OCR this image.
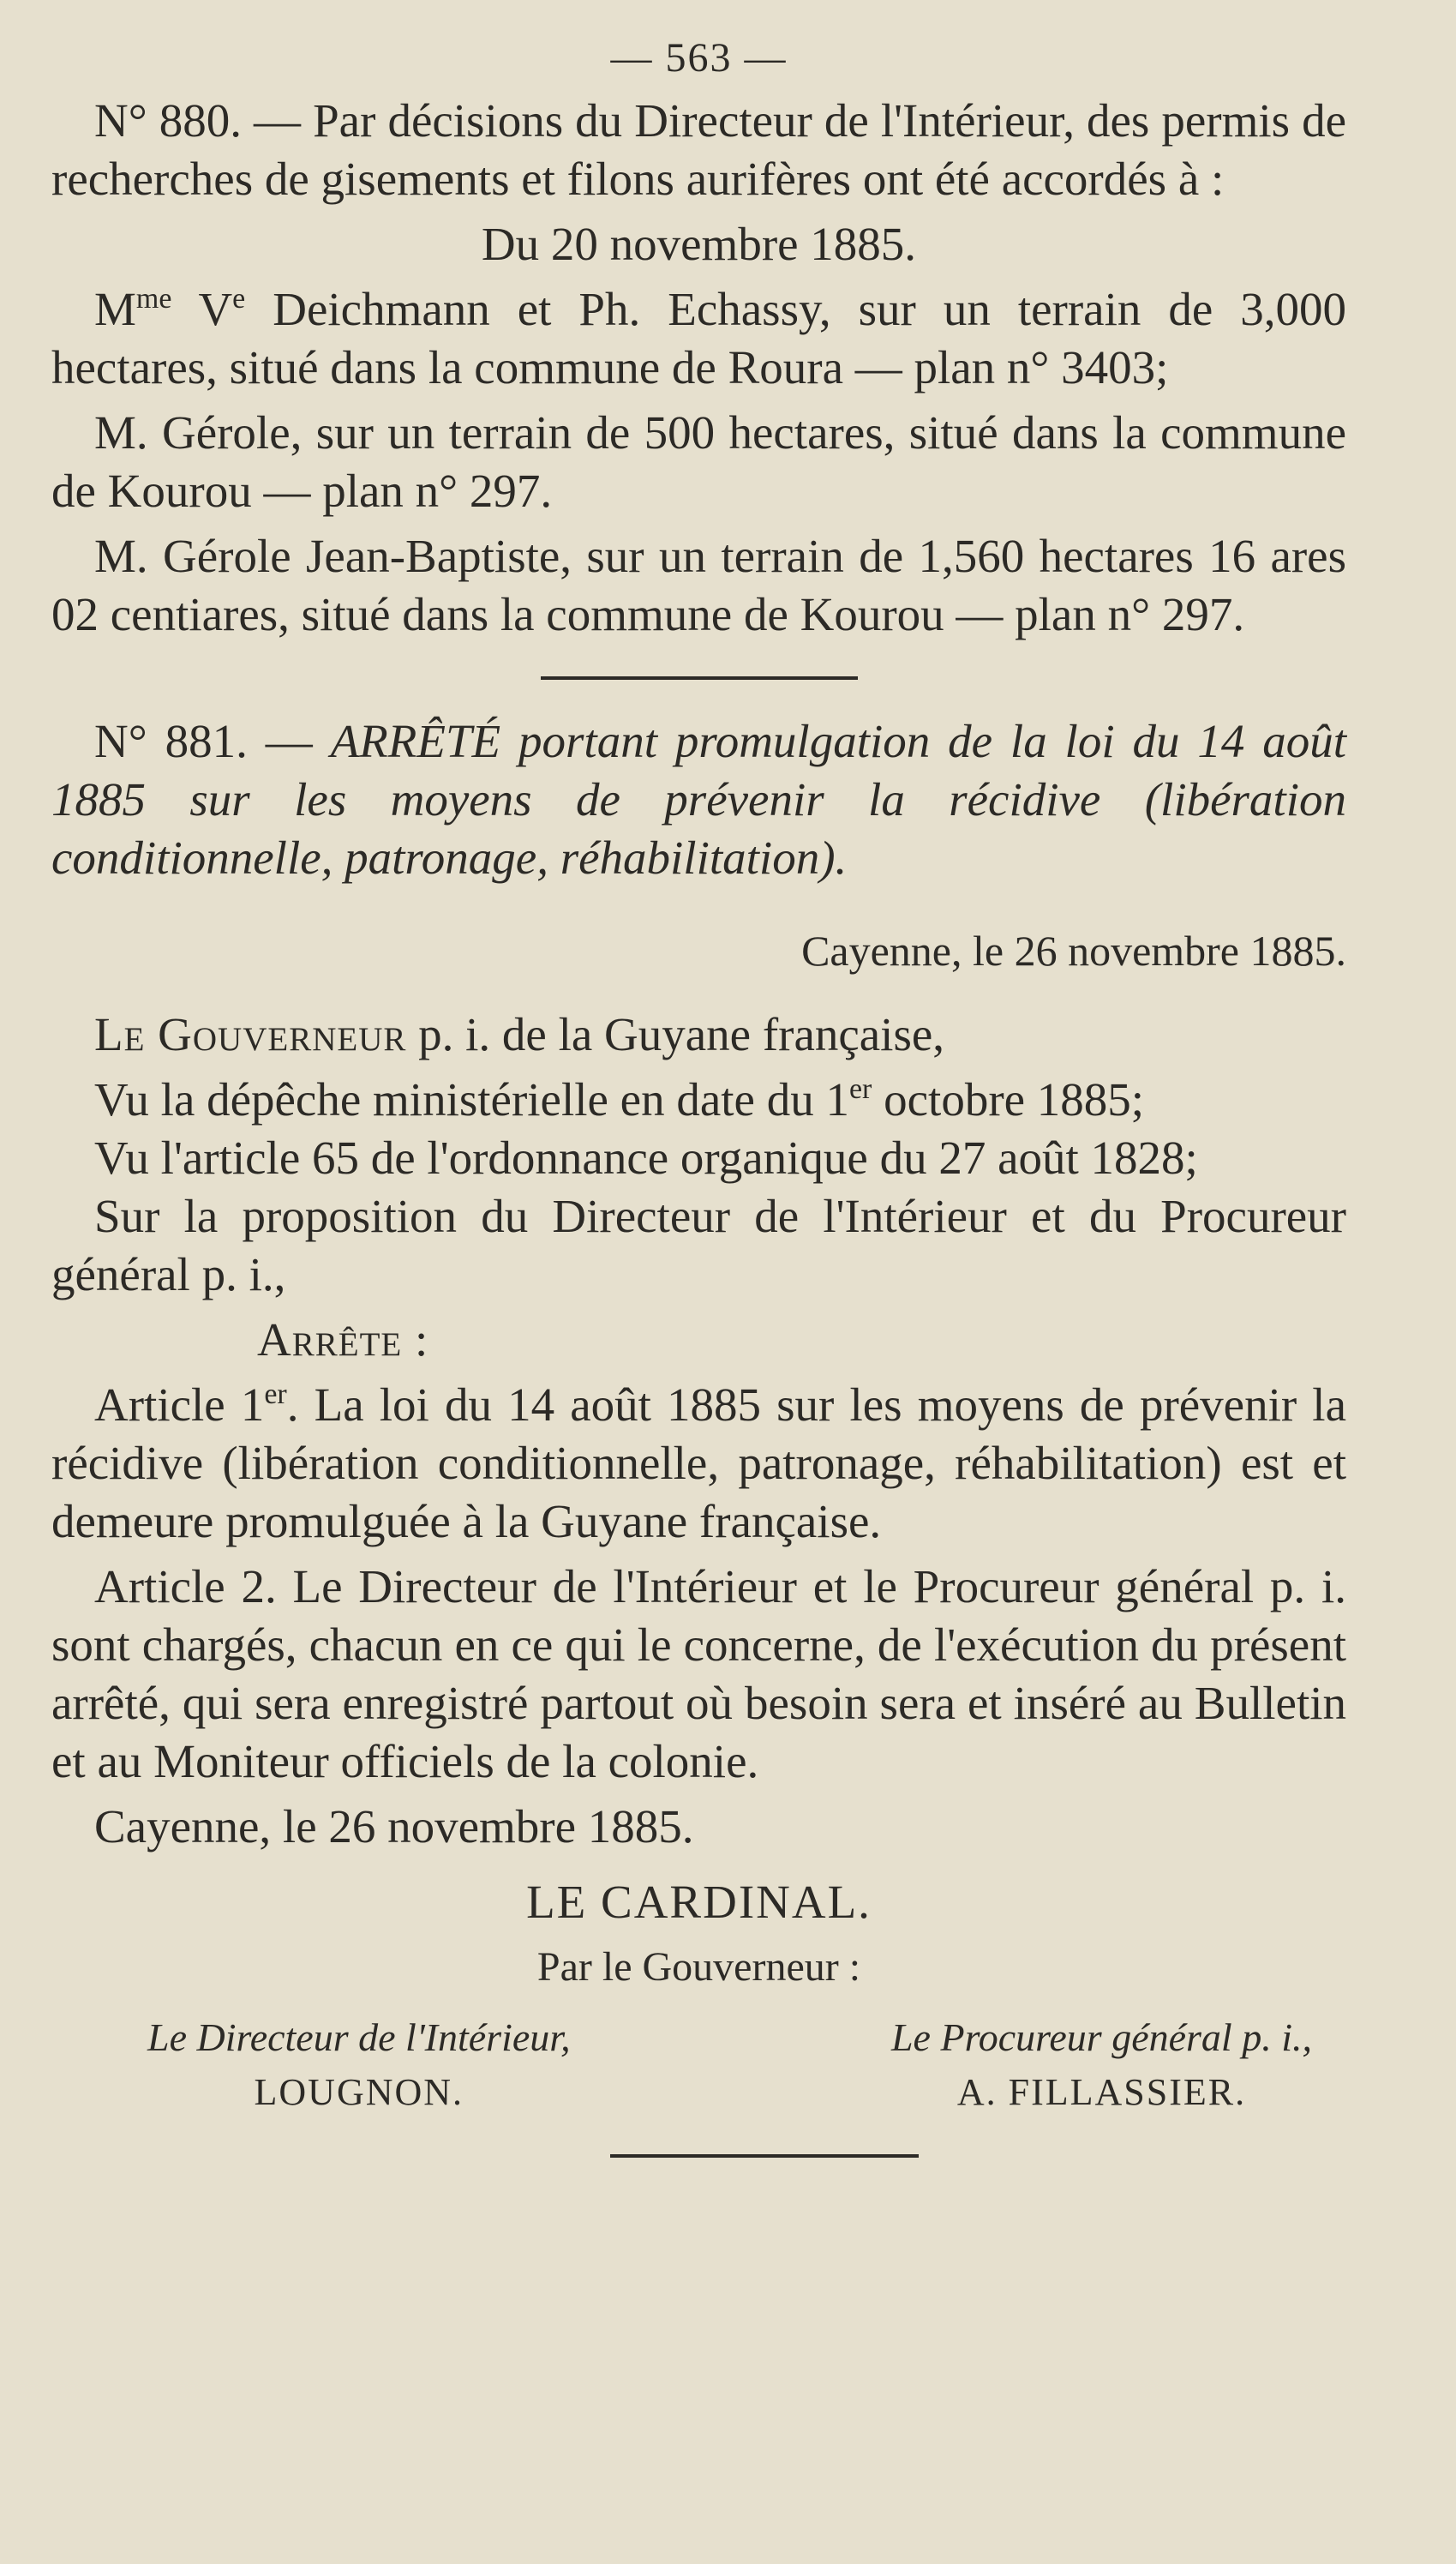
— 563 —

N° 880. — Par décisions du Directeur de l'Intérieur, des permis de recherches de gisements et filons aurifères ont été accordés à :

Du 20 novembre 1885.

$M^{me}$ Ve Deichmann et Ph. Echassy, sur un terrain de 3,000 hectares, situé dans la commune de Roura — plan n° 3403;

M. Gérole, sur un terrain de 500 hectares, situé dans la commune de Kourou — plan n° 297.

M. Gérole Jean-Baptiste, sur un terrain de 1,560 hectares 16 ares 02 centiares, situé dans la commune de Kourou — plan n° 297.

N° 881. — ARRÊTÉ portant promulgation de la loi du 14 août 1885 sur les moyens de prévenir la récidive (libération conditionnelle, patronage, réhabilitation).

Cayenne, le 26 novembre 1885.

Le Gouverneur p. i. de la Guyane française,

Vu la dépêche ministérielle en date du 1er octobre 1885;

Vu l'article 65 de l'ordonnance organique du 27 août 1828;

Sur la proposition du Directeur de l'Intérieur et du Procureur général p. i.,

Arrête :

Article 1er. La loi du 14 août 1885 sur les moyens de prévenir la récidive (libération conditionnelle, patronage, réhabilitation) est et demeure promulguée à la Guyane française.

Article 2. Le Directeur de l'Intérieur et le Procureur général p. i. sont chargés, chacun en ce qui le concerne, de l'exécution du présent arrêté, qui sera enregistré partout où besoin sera et inséré au Bulletin et au Moniteur officiels de la colonie.

Cayenne, le 26 novembre 1885.

LE CARDINAL.

Par le Gouverneur :

Le Directeur de l'Intérieur,
LOUGNON.
Le Procureur général p. i.,
A. FILLASSIER.
